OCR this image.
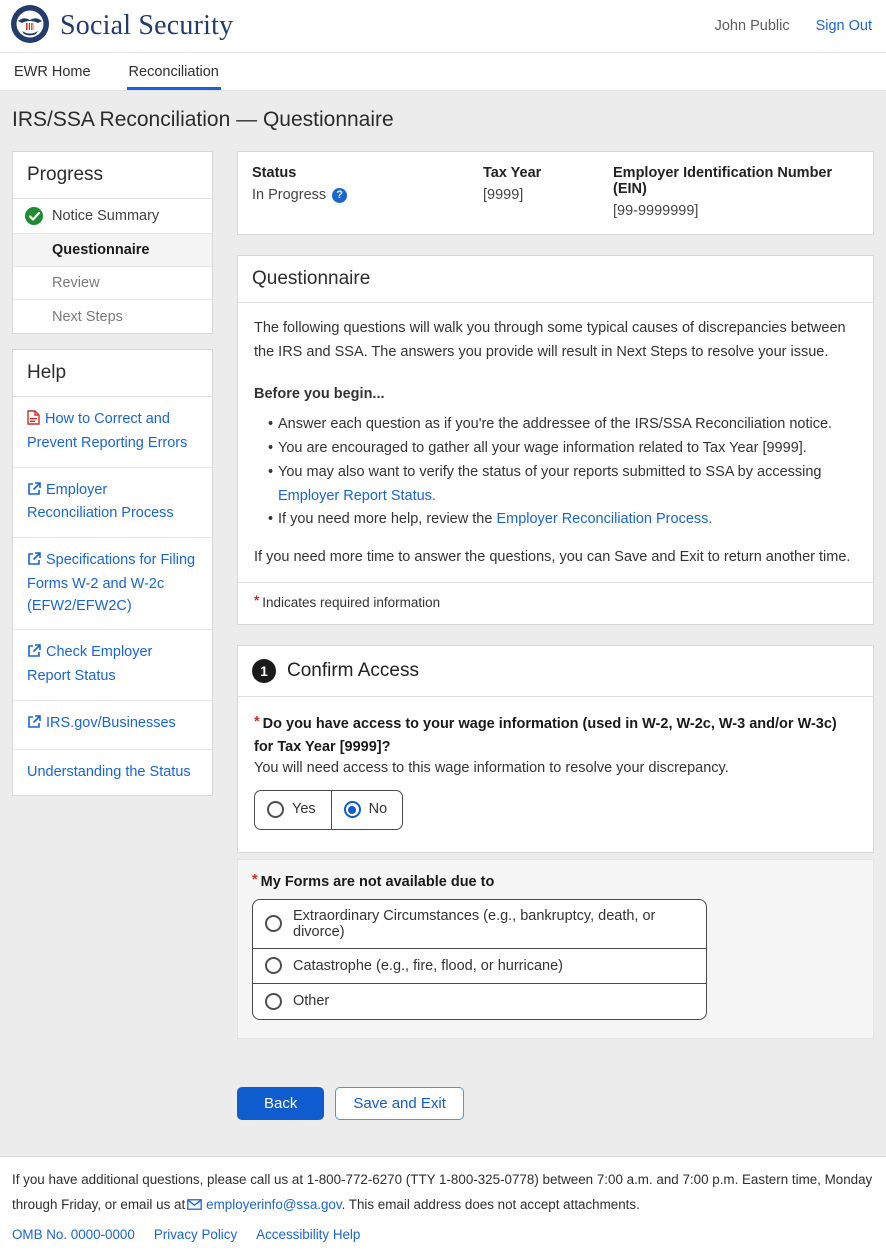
Social Security	John Public Sign Out
EWR Home	Reconciliation
IRS/SSA Reconciliation — Questionnaire
Progress
Notice Summary
Questionnaire
Review
Next Steps
Help
How to Correct and Prevent Reporting Errors
Employer Reconciliation Process
Specifications for Filing Forms W-2 and W-2c (EFW2/EFW2C)
Check Employer Report Status
IRS.gov/Businesses
Understanding the Status
Status
In Progress ?
Tax Year
[9999]
Employer Identification Number (EIN)
[99-9999999]
Questionnaire

The following questions will walk you through some typical causes of discrepancies between the IRS and SSA. The answers you provide will result in Next Steps to resolve your issue.

Before you begin...
• Answer each question as if you're the addressee of the IRS/SSA Reconciliation notice.
• You are encouraged to gather all your wage information related to Tax Year [9999].
• You may also want to verify the status of your reports submitted to SSA by accessing Employer Report Status.
• If you need more help, review the Employer Reconciliation Process.

If you need more time to answer the questions, you can Save and Exit to return another time.

* Indicates required information
1	Confirm Access
* Do you have access to your wage information (used in W-2, W-2c, W-3 and/or W-3c) for Tax Year [9999]?
You will need access to this wage information to resolve your discrepancy.
Yes	No
* My Forms are not available due to
Extraordinary Circumstances (e.g., bankruptcy, death, or divorce)
Catastrophe (e.g., fire, flood, or hurricane)
Other
Back	Save and Exit

If you have additional questions, please call us at 1-800-772-6270 (TTY 1-800-325-0778) between 7:00 a.m. and 7:00 p.m. Eastern time, Monday through Friday, or email us at employerinfo@ssa.gov. This email address does not accept attachments.

OMB No. 0000-0000 Privacy Policy Accessibility Help
